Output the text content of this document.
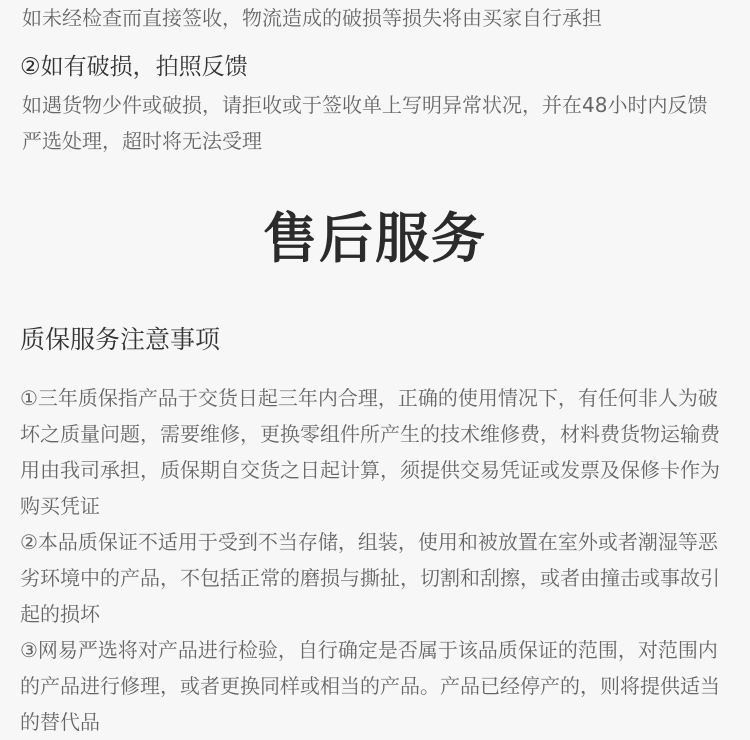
如未经检查而直接签收，物流造成的破损等损失将由买家自行承担
②如有破损，拍照反馈
如遇货物少件或破损，请拒收或于签收单上写明异常状况，并在48小时内反馈严选处理，超时将无法受理
售后服务
质保服务注意事项

①三年质保指产品于交货日起三年内合理，正确的使用情况下，有任何非人为破坏之质量问题，需要维修，更换零组件所产生的技术维修费，材料费货物运输费用由我司承担，质保期自交货之日起计算，须提供交易凭证或发票及保修卡作为购买凭证

②本品质保证不适用于受到不当存储，组装，使用和被放置在室外或者潮湿等恶劣环境中的产品，不包括正常的磨损与撕扯，切割和刮擦，或者由撞击或事故引起的损坏

③网易严选将对产品进行检验，自行确定是否属于该品质保证的范围，对范围内的产品进行修理，或者更换同样或相当的产品。产品已经停产的，则将提供适当的替代品
